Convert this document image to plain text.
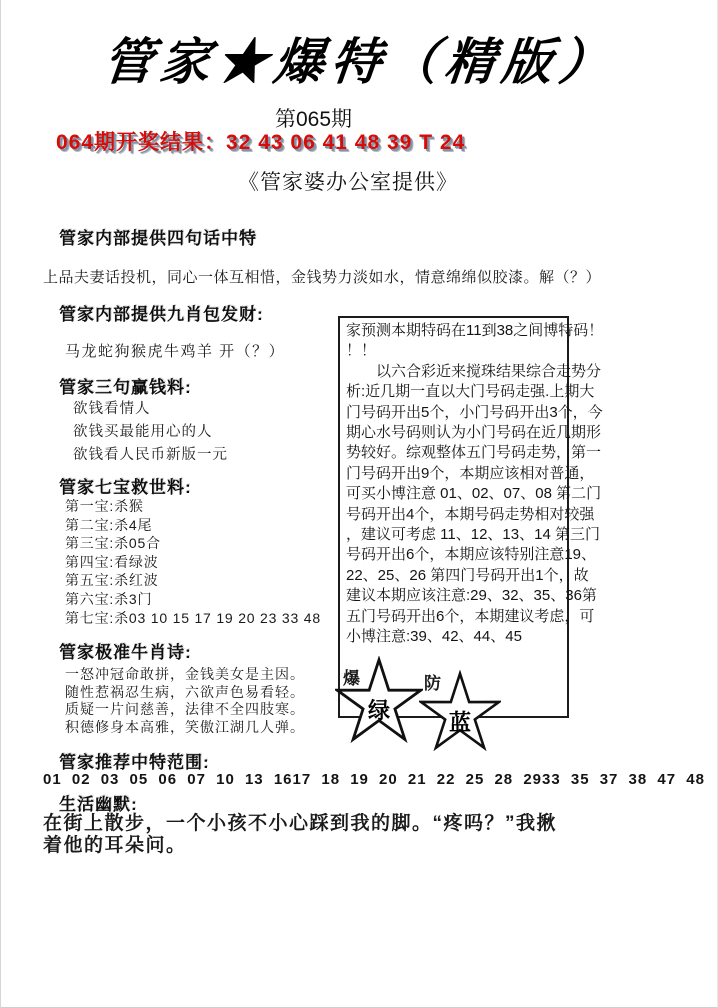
管家★爆特（精版）
第065期
064期开奖结果：32 43 06 41 48 39 T 24
《管家婆办公室提供》
管家内部提供四句话中特
上品夫妻话投机，同心一体互相惜，金钱势力淡如水，情意绵绵似胶漆。解（？）
管家内部提供九肖包发财:
马龙蛇狗猴虎牛鸡羊 开（？）
管家三句赢钱料:
欲钱看情人
欲钱买最能用心的人
欲钱看人民币新版一元
管家七宝救世料:
第一宝:杀猴
第二宝:杀4尾
第三宝:杀05合
第四宝:看绿波
第五宝:杀红波
第六宝:杀3门
第七宝:杀03 10 15 17 19 20 23 33 48
管家极准牛肖诗:
一怒冲冠命敢拼，金钱美女是主因。
随性惹祸忍生病，六欲声色易看轻。
质疑一片问慈善，法律不全四肢寒。
积德修身本高雅，笑傲江湖几人弹。
管家推荐中特范围:
01 02 03 05 06 07 10 13 1617 18 19 20 21 22 25 28 2933 35 37 38 47 48
生活幽默:
在街上散步，一个小孩不小心踩到我的脚。“疼吗？”我揪
着他的耳朵问。
家预测本期特码在11到38之间博特码！
！！
　　以六合彩近来搅珠结果综合走势分
析:近几期一直以大门号码走强.上期大
门号码开出5个，小门号码开出3个，今
期心水号码则认为小门号码在近几期形
势较好。综观整体五门号码走势，第一
门号码开出9个，本期应该相对普通，
可买小博注意 01、02、07、08 第二门
号码开出4个，本期号码走势相对较强
，建议可考虑 11、12、13、14 第三门
号码开出6个，本期应该特别注意19、
22、25、26 第四门号码开出1个，故
建议本期应该注意:29、32、35、36第
五门号码开出6个，本期建议考虑，可
小博注意:39、42、44、45
爆
绿
防
蓝
